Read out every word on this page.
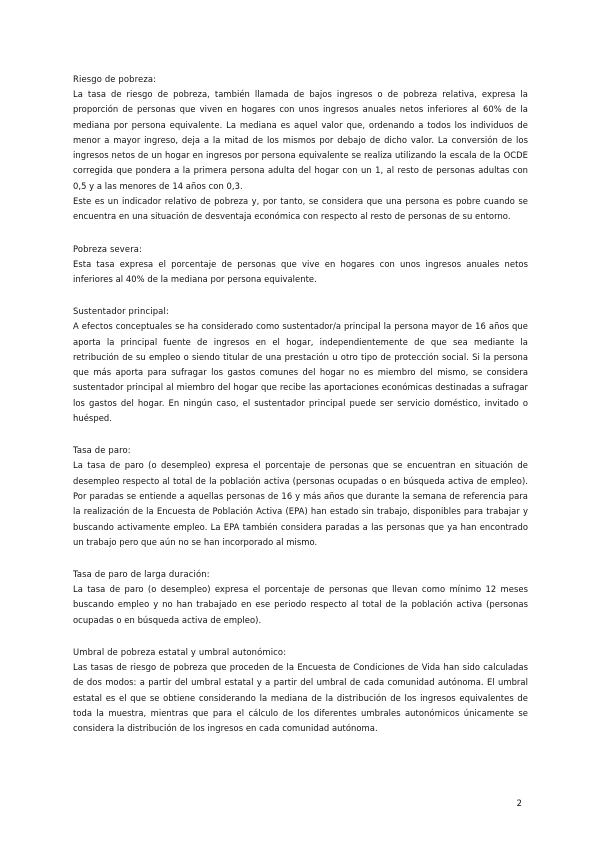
Riesgo de pobreza:

La tasa de riesgo de pobreza, también llamada de bajos ingresos o de pobreza relativa, expresa la proporción de personas que viven en hogares con unos ingresos anuales netos inferiores al 60% de la mediana por persona equivalente. La mediana es aquel valor que, ordenando a todos los individuos de menor a mayor ingreso, deja a la mitad de los mismos por debajo de dicho valor. La conversión de los ingresos netos de un hogar en ingresos por persona equivalente se realiza utilizando la escala de la OCDE corregida que pondera a la primera persona adulta del hogar con un 1, al resto de personas adultas con 0,5 y a las menores de 14 años con 0,3.

Este es un indicador relativo de pobreza y, por tanto, se considera que una persona es pobre cuando se encuentra en una situación de desventaja económica con respecto al resto de personas de su entorno.

Pobreza severa:

Esta tasa expresa el porcentaje de personas que vive en hogares con unos ingresos anuales netos inferiores al 40% de la mediana por persona equivalente.

Sustentador principal:

A efectos conceptuales se ha considerado como sustentador/a principal la persona mayor de 16 años que aporta la principal fuente de ingresos en el hogar, independientemente de que sea mediante la retribución de su empleo o siendo titular de una prestación u otro tipo de protección social. Si la persona que más aporta para sufragar los gastos comunes del hogar no es miembro del mismo, se considera sustentador principal al miembro del hogar que recibe las aportaciones económicas destinadas a sufragar los gastos del hogar. En ningún caso, el sustentador principal puede ser servicio doméstico, invitado o huésped.

Tasa de paro:

La tasa de paro (o desempleo) expresa el porcentaje de personas que se encuentran en situación de desempleo respecto al total de la población activa (personas ocupadas o en búsqueda activa de empleo). Por paradas se entiende a aquellas personas de 16 y más años que durante la semana de referencia para la realización de la Encuesta de Población Activa (EPA) han estado sin trabajo, disponibles para trabajar y buscando activamente empleo. La EPA también considera paradas a las personas que ya han encontrado un trabajo pero que aún no se han incorporado al mismo.

Tasa de paro de larga duración:

La tasa de paro (o desempleo) expresa el porcentaje de personas que llevan como mínimo 12 meses buscando empleo y no han trabajado en ese periodo respecto al total de la población activa (personas ocupadas o en búsqueda activa de empleo).

Umbral de pobreza estatal y umbral autonómico:

Las tasas de riesgo de pobreza que proceden de la Encuesta de Condiciones de Vida han sido calculadas de dos modos: a partir del umbral estatal y a partir del umbral de cada comunidad autónoma. El umbral estatal es el que se obtiene considerando la mediana de la distribución de los ingresos equivalentes de toda la muestra, mientras que para el cálculo de los diferentes umbrales autonómicos únicamente se considera la distribución de los ingresos en cada comunidad autónoma.

2
